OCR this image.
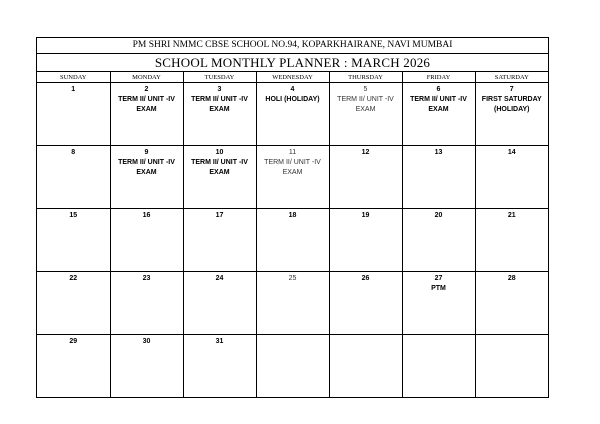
PM SHRI NMMC CBSE SCHOOL NO.94, KOPARKHAIRANE, NAVI MUMBAI
SCHOOL MONTHLY PLANNER : MARCH 2026
SUNDAY	MONDAY	TUESDAY	WEDNESDAY	THURSDAY	FRIDAY	SATURDAY

1	2
TERM II/ UNIT -IV
EXAM	3
TERM II/ UNIT -IV
EXAM	4
HOLI (HOLIDAY)	5
TERM II/ UNIT -IV
EXAM	6
TERM II/ UNIT -IV
EXAM	7
FIRST SATURDAY
(HOLIDAY)

8	9
TERM II/ UNIT -IV
EXAM	10
TERM II/ UNIT -IV
EXAM	11
TERM II/ UNIT -IV
EXAM	12	13	14

15	16	17	18	19	20	21

22	23	24	25	26	27
PTM	28

29	30	31				
